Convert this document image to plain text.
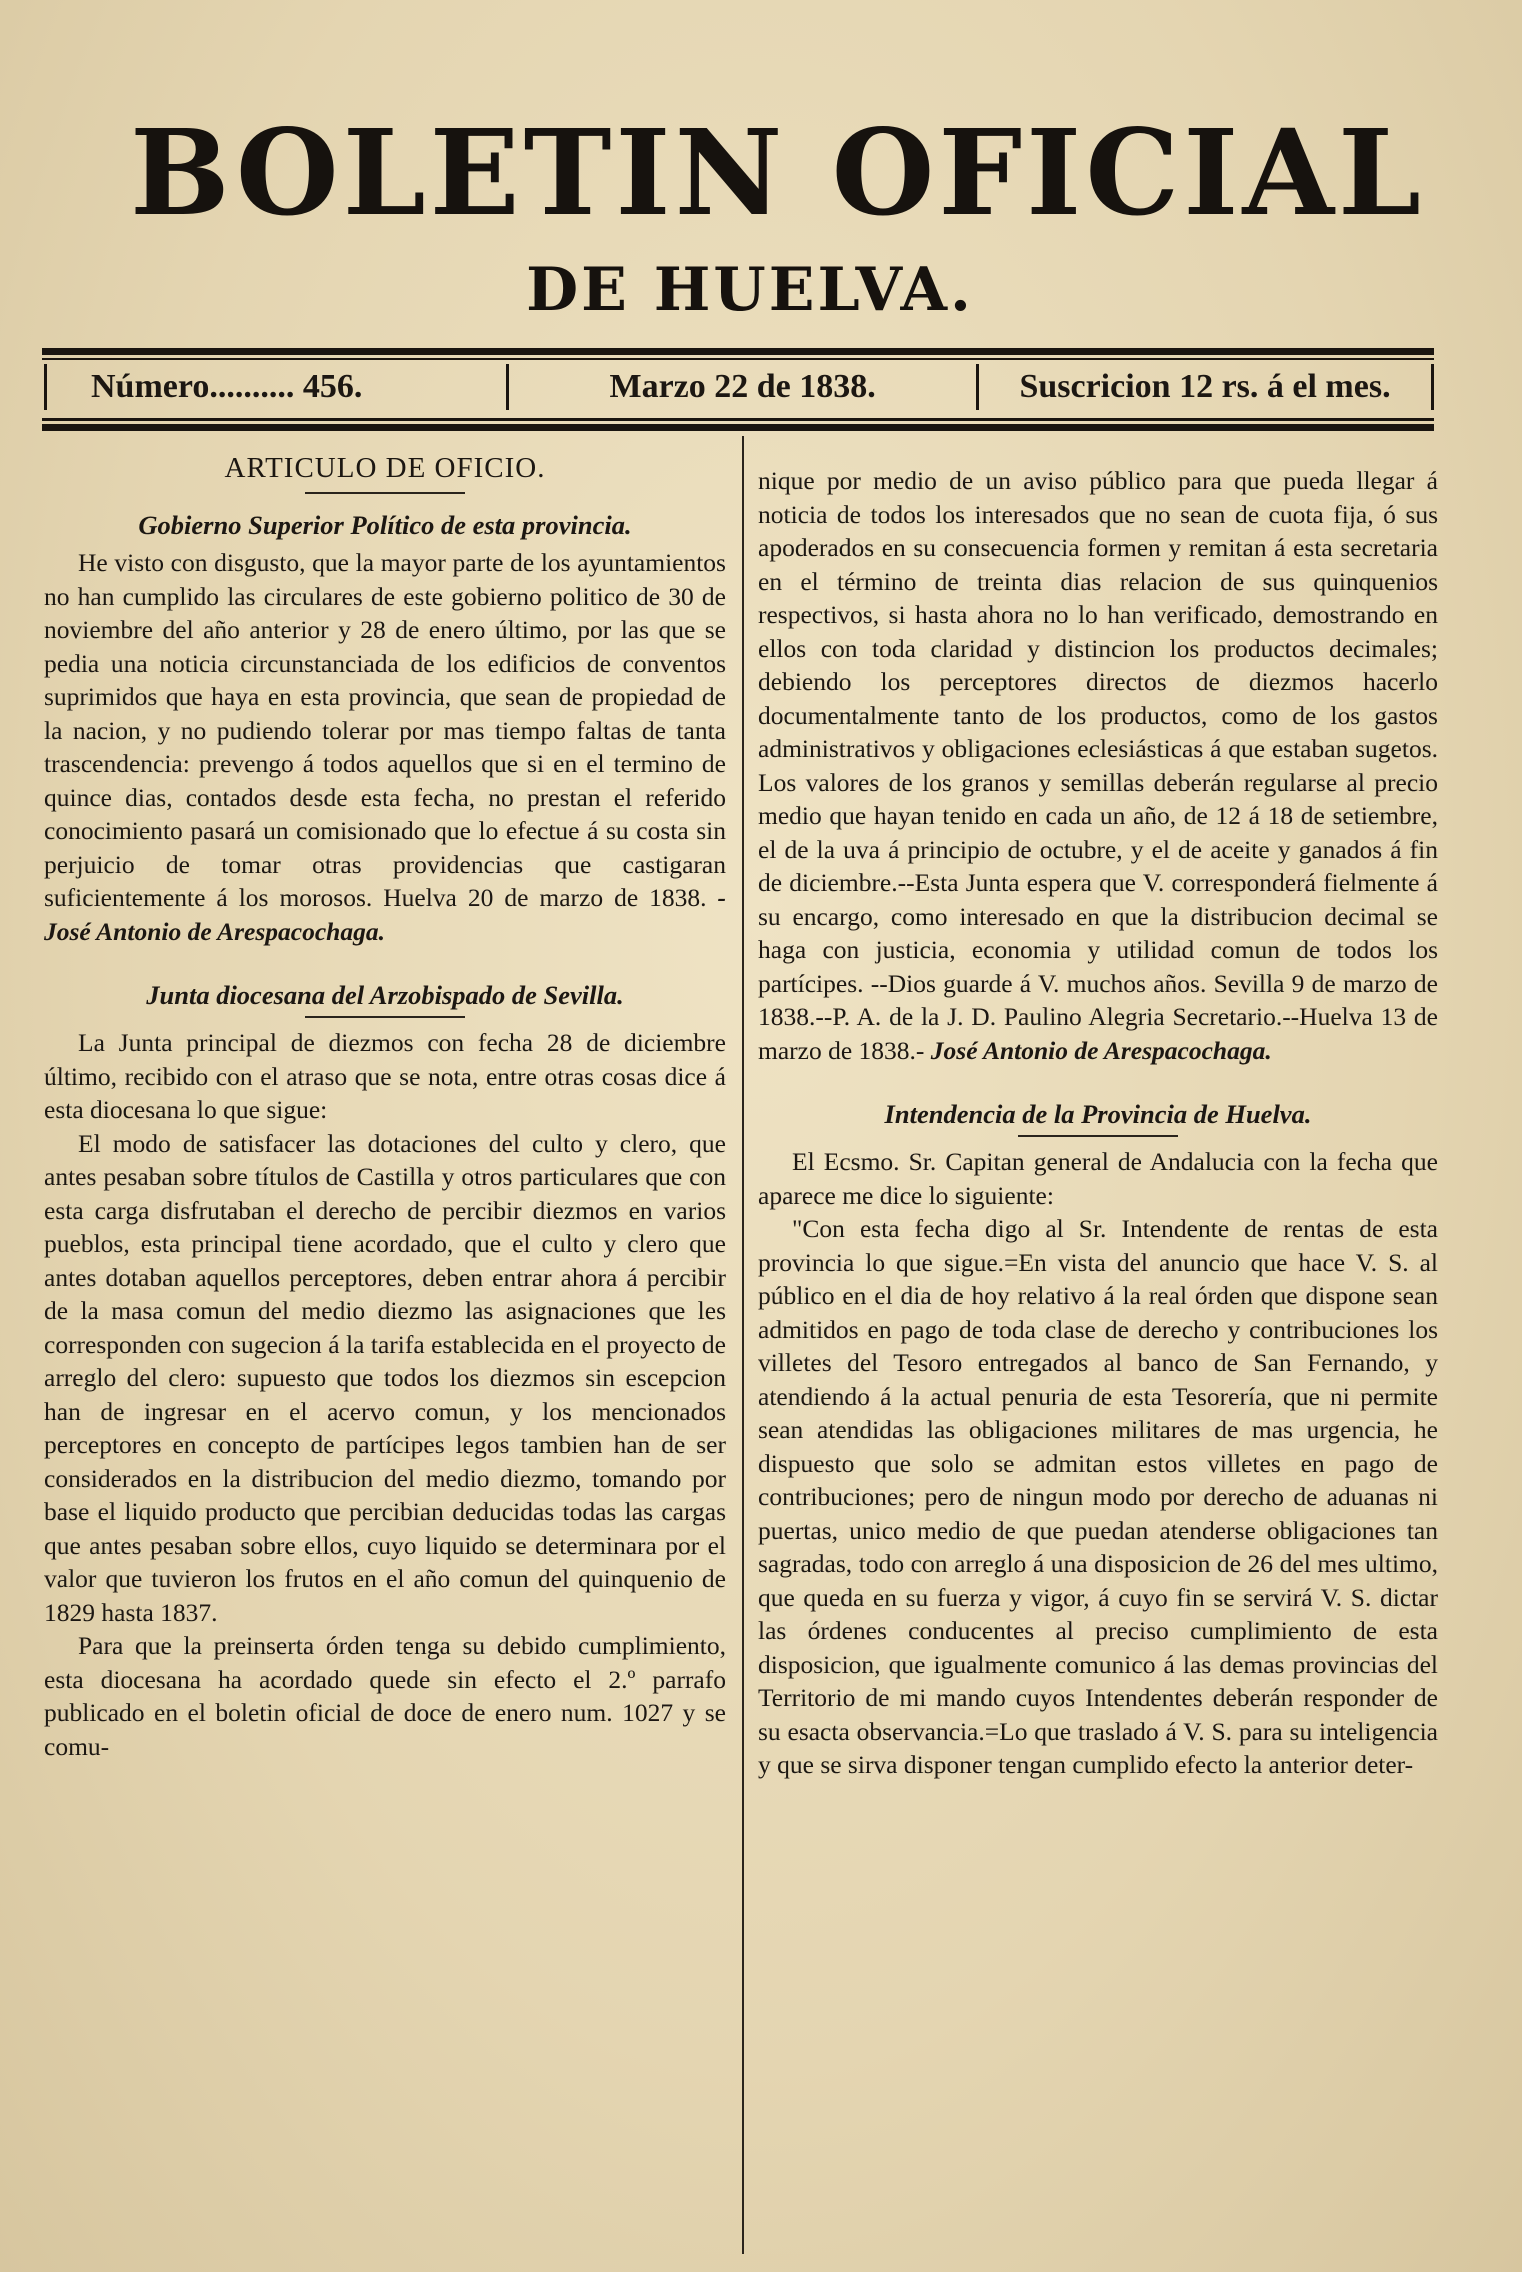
BOLETIN OFICIAL
DE HUELVA.
Número.......... 456.	Marzo 22 de 1838.	Suscricion 12 rs. á el mes.
ARTICULO DE OFICIO.
Gobierno Superior Político de esta provincia.

He visto con disgusto, que la mayor parte de los ayuntamientos no han cumplido las circulares de este gobierno politico de 30 de noviembre del año anterior y 28 de enero último, por las que se pedia una noticia circunstanciada de los edificios de conventos suprimidos que haya en esta provincia, que sean de propiedad de la nacion, y no pudiendo tolerar por mas tiempo faltas de tanta trascendencia: prevengo á todos aquellos que si en el termino de quince dias, contados desde esta fecha, no prestan el referido conocimiento pasará un comisionado que lo efectue á su costa sin perjuicio de tomar otras providencias que castigaran suficientemente á los morosos. Huelva 20 de marzo de 1838. -José Antonio de Arespacochaga.

Junta diocesana del Arzobispado de Sevilla.

La Junta principal de diezmos con fecha 28 de diciembre último, recibido con el atraso que se nota, entre otras cosas dice á esta diocesana lo que sigue:

El modo de satisfacer las dotaciones del culto y clero, que antes pesaban sobre títulos de Castilla y otros particulares que con esta carga disfrutaban el derecho de percibir diezmos en varios pueblos, esta principal tiene acordado, que el culto y clero que antes dotaban aquellos perceptores, deben entrar ahora á percibir de la masa comun del medio diezmo las asignaciones que les corresponden con sugecion á la tarifa establecida en el proyecto de arreglo del clero: supuesto que todos los diezmos sin escepcion han de ingresar en el acervo comun, y los mencionados perceptores en concepto de partícipes legos tambien han de ser considerados en la distribucion del medio diezmo, tomando por base el liquido producto que percibian deducidas todas las cargas que antes pesaban sobre ellos, cuyo liquido se determinara por el valor que tuvieron los frutos en el año comun del quinquenio de 1829 hasta 1837.

Para que la preinserta órden tenga su debido cumplimiento, esta diocesana ha acordado quede sin efecto el 2.º parrafo publicado en el boletin oficial de doce de enero num. 1027 y se comu-

nique por medio de un aviso público para que pueda llegar á noticia de todos los interesados que no sean de cuota fija, ó sus apoderados en su consecuencia formen y remitan á esta secretaria en el término de treinta dias relacion de sus quinquenios respectivos, si hasta ahora no lo han verificado, demostrando en ellos con toda claridad y distincion los productos decimales; debiendo los perceptores directos de diezmos hacerlo documentalmente tanto de los productos, como de los gastos administrativos y obligaciones eclesiásticas á que estaban sugetos. Los valores de los granos y semillas deberán regularse al precio medio que hayan tenido en cada un año, de 12 á 18 de setiembre, el de la uva á principio de octubre, y el de aceite y ganados á fin de diciembre.--Esta Junta espera que V. corresponderá fielmente á su encargo, como interesado en que la distribucion decimal se haga con justicia, economia y utilidad comun de todos los partícipes. --Dios guarde á V. muchos años. Sevilla 9 de marzo de 1838.--P. A. de la J. D. Paulino Alegria Secretario.--Huelva 13 de marzo de 1838.- José Antonio de Arespacochaga.

Intendencia de la Provincia de Huelva.

El Ecsmo. Sr. Capitan general de Andalucia con la fecha que aparece me dice lo siguiente:

"Con esta fecha digo al Sr. Intendente de rentas de esta provincia lo que sigue.=En vista del anuncio que hace V. S. al público en el dia de hoy relativo á la real órden que dispone sean admitidos en pago de toda clase de derecho y contribuciones los villetes del Tesoro entregados al banco de San Fernando, y atendiendo á la actual penuria de esta Tesorería, que ni permite sean atendidas las obligaciones militares de mas urgencia, he dispuesto que solo se admitan estos villetes en pago de contribuciones; pero de ningun modo por derecho de aduanas ni puertas, unico medio de que puedan atenderse obligaciones tan sagradas, todo con arreglo á una disposicion de 26 del mes ultimo, que queda en su fuerza y vigor, á cuyo fin se servirá V. S. dictar las órdenes conducentes al preciso cumplimiento de esta disposicion, que igualmente comunico á las demas provincias del Territorio de mi mando cuyos Intendentes deberán responder de su esacta observancia.=Lo que traslado á V. S. para su inteligencia y que se sirva disponer tengan cumplido efecto la anterior deter-
